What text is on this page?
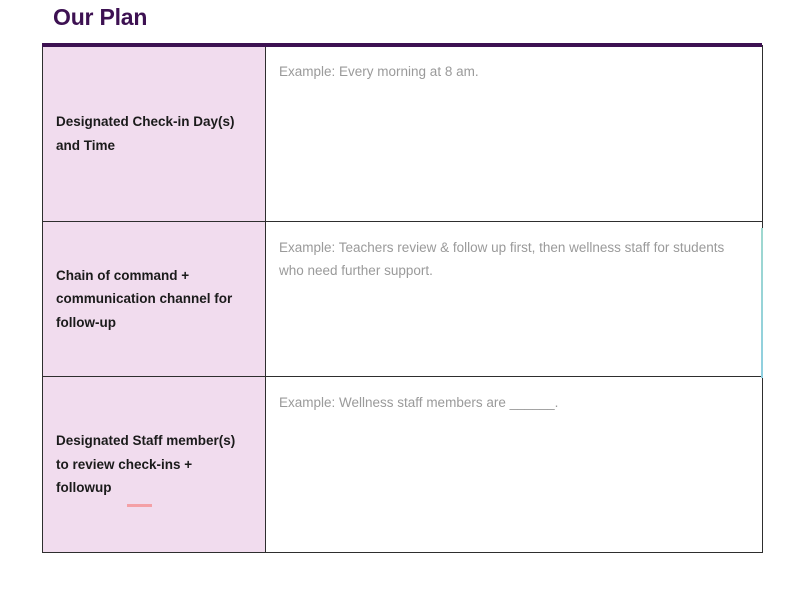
Our Plan
Designated Check-in Day(s) and Time	Example: Every morning at 8 am.

Chain of command + communication channel for follow-up	Example: Teachers review & follow up first, then wellness staff for students who need further support.

Designated Staff member(s) to review check-ins + followup	Example: Wellness staff members are ______.
